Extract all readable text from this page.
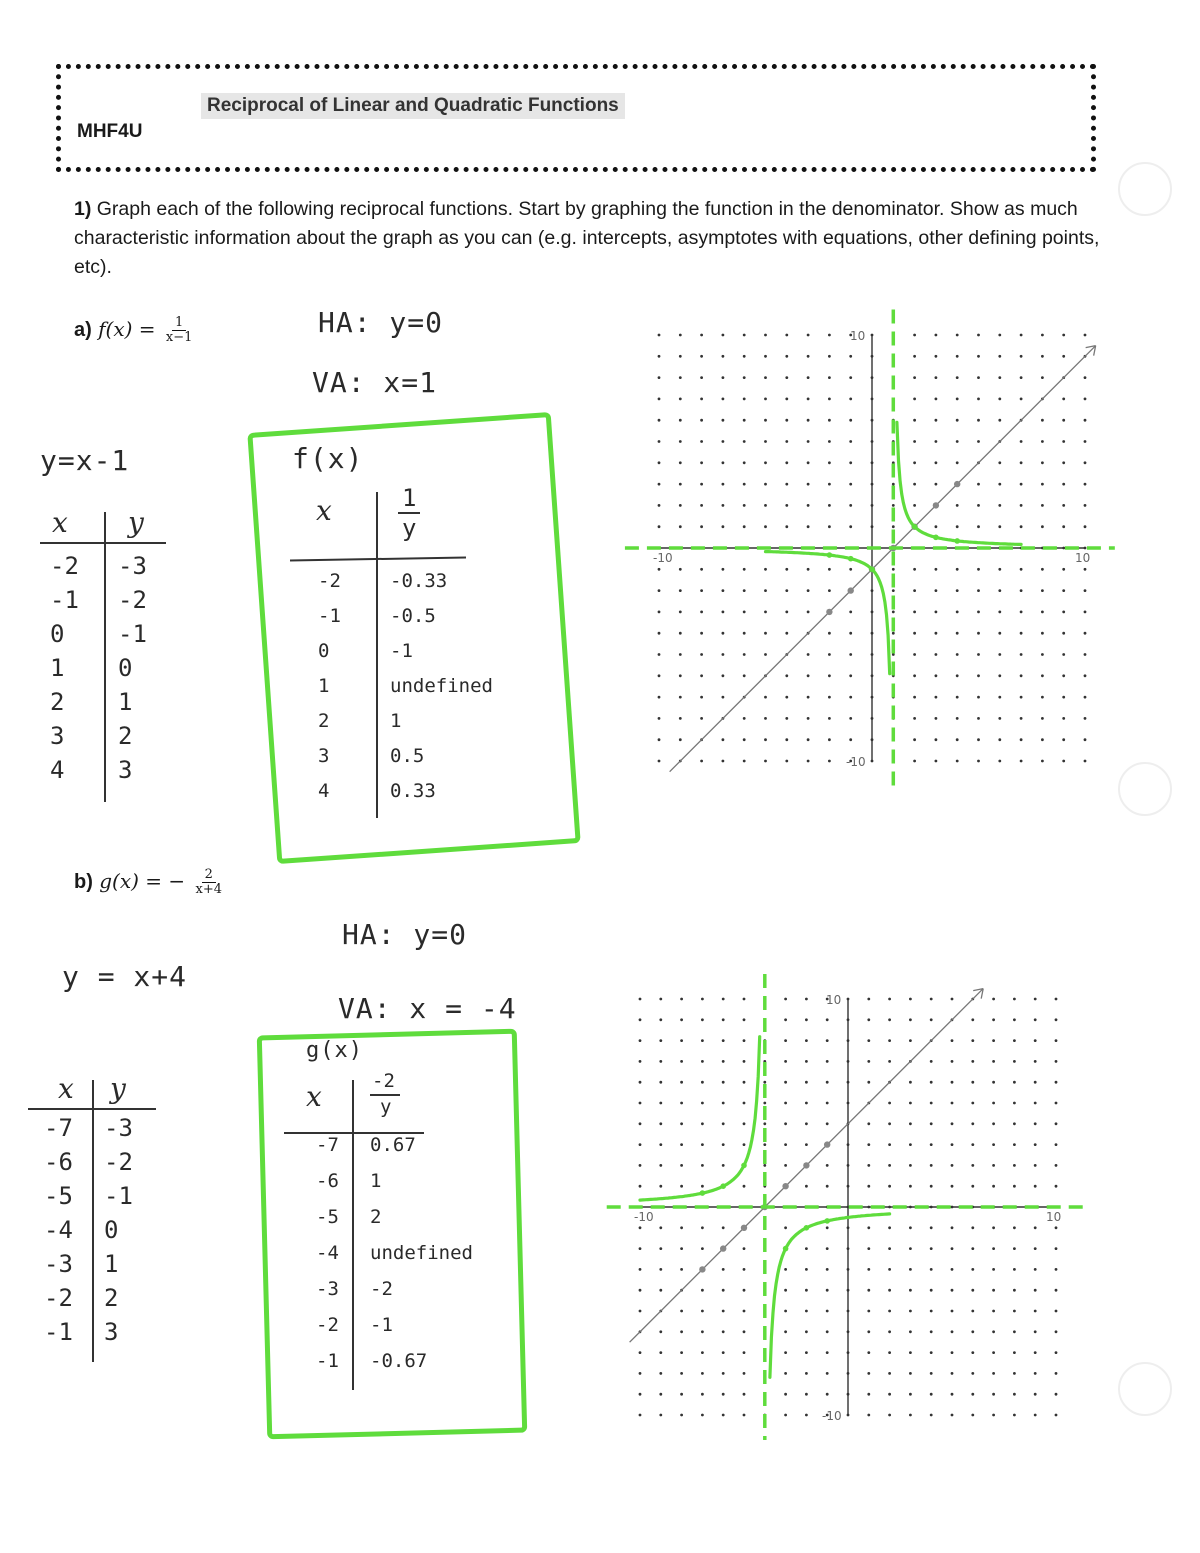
Reciprocal of Linear and Quadratic Functions
MHF4U
1) Graph each of the following reciprocal functions. Start by graphing the function in the denominator. Show as much characteristic information about the graph as you can (e.g. intercepts, asymptotes with equations, other defining points, etc).
a) $f(x) = \frac{1}{x-1}$	HA: y=0
VA: x=1
y=x-1
x y
-2 -3
-1 -2
0 -1
1 0
2 1
3 2
4 3
f(x)
x	1
y
-2	-0.33
-1	-0.5
0	-1
1	undefined
2	1
3	0.5
4	0.33
-10	10
10
-10
b) g(x) = − $\frac{2}{x+4}$
HA: y=0
VA: x = -4
y = x+4
x y
-7 -3
-6 -2
-5 -1
-4 0
-3 1
-2 2
-1 3
g(x)
x	-2
y
-7 0.67
-6 1
-5 2
-4 undefined
-3 -2
-2 -1
-1 -0.67
-10	10
10
-10
